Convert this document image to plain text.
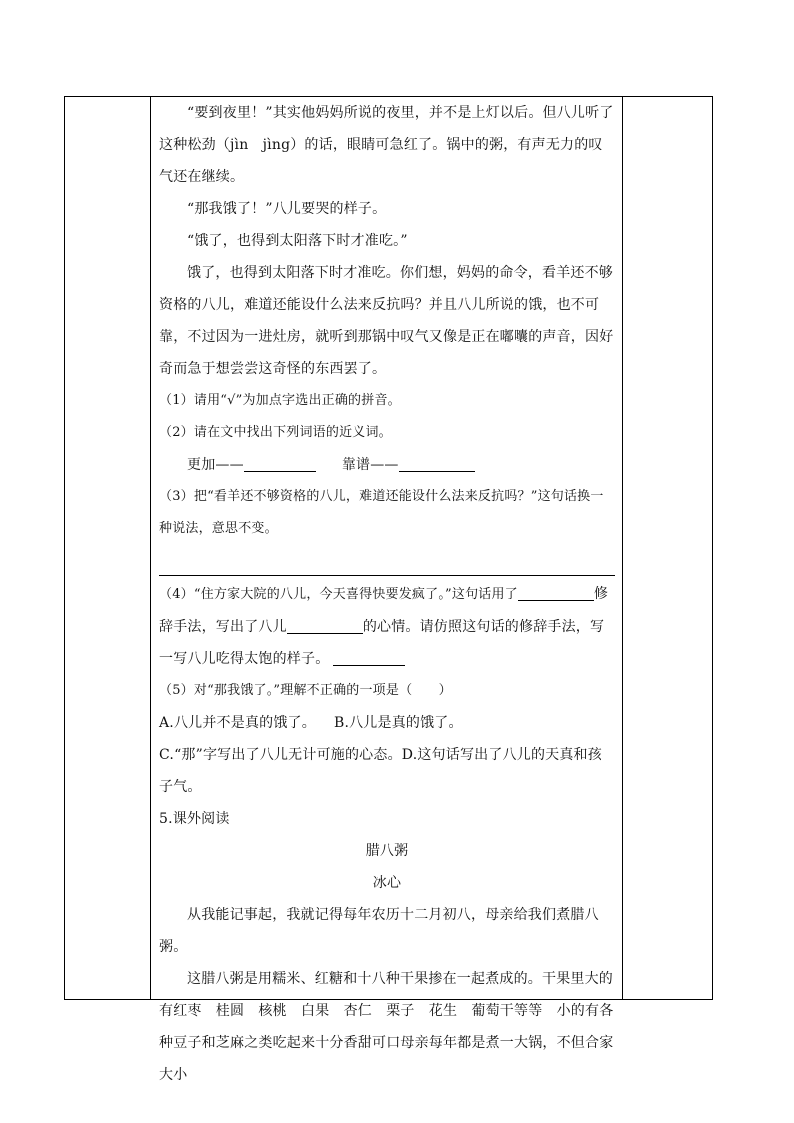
“要到夜里！”其实他妈妈所说的夜里，并不是上灯以后。但八儿听了这种松劲（jìn　jìng）的话，眼睛可急红了。锅中的粥，有声无力的叹气还在继续。

“那我饿了！”八儿要哭的样子。

“饿了，也得到太阳落下时才准吃。”

饿了，也得到太阳落下时才准吃。你们想，妈妈的命令，看羊还不够资格的八儿，难道还能设什么法来反抗吗？并且八儿所说的饿，也不可靠，不过因为一进灶房，就听到那锅中叹气又像是正在嘟囔的声音，因好奇而急于想尝尝这奇怪的东西罢了。

（1）请用“√”为加点字选出正确的拼音。

（2）请在文中找出下列词语的近义词。

更加——	靠谱——

（3）把“看羊还不够资格的八儿，难道还能设什么法来反抗吗？”这句话换一种说法，意思不变。

（4）“住方家大院的八儿，今天喜得快要发疯了。”这句话用了	修辞手法，写出了八儿	的心情。请仿照这句话的修辞手法，写一写八儿吃得太饱的样子。

（5）对“那我饿了。”理解不正确的一项是（　　）

A.八儿并不是真的饿了。 B.八儿是真的饿了。

C.“那”字写出了八儿无计可施的心态。D.这句话写出了八儿的天真和孩子气。

5.课外阅读

腊八粥

冰心

从我能记事起，我就记得每年农历十二月初八，母亲给我们煮腊八粥。

这腊八粥是用糯米、红糖和十八种干果掺在一起煮成的。干果里大的有红枣　桂圆　核桃　白果　杏仁　栗子　花生　葡萄干等等　小的有各种豆子和芝麻之类吃起来十分香甜可口母亲每年都是煮一大锅，不但合家大小
